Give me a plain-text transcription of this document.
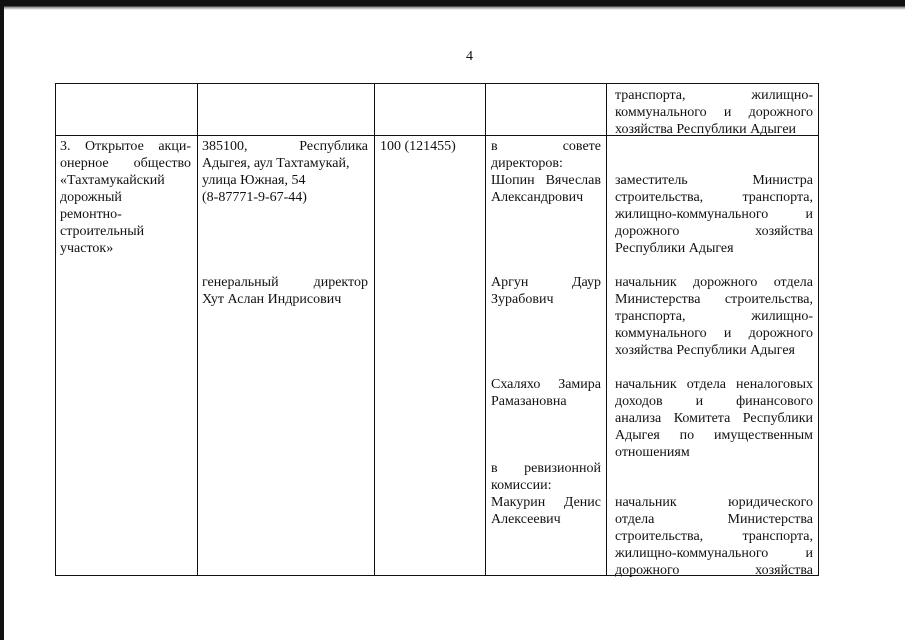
4
транспорта, жилищно-
коммунального и дорожного
хозяйства Республики Адыгеи
3. Открытое акци-
онерное общество
«Тахтамукайский
дорожный
ремонтно-
строительный
участок»
385100, Республика
Адыгея, аул Тахтамукай,
улица Южная, 54
(8-87771-9-67-44)
генеральный директор
Хут Аслан Индрисович
100 (121455)	в совете
директоров:
Шопин Вячеслав
Александрович
Аргун Даур
Зурабович
Схаляхо Замира
Рамазановна
в ревизионной
комиссии:
Макурин Денис
Алексеевич
заместитель Министра
строительства, транспорта,
жилищно-коммунального и
дорожного хозяйства
Республики Адыгея
начальник дорожного отдела
Министерства строительства,
транспорта, жилищно-
коммунального и дорожного
хозяйства Республики Адыгея
начальник отдела неналоговых
доходов и финансового
анализа Комитета Республики
Адыгея по имущественным
отношениям
начальник юридического
отдела Министерства
строительства, транспорта,
жилищно-коммунального и
дорожного хозяйства
